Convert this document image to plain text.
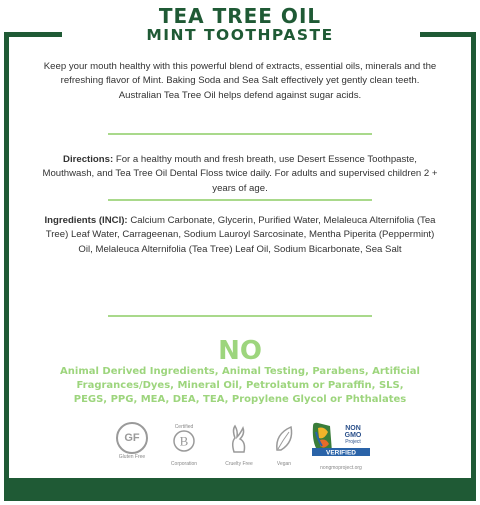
TEA TREE OIL
MINT TOOTHPASTE
Keep your mouth healthy with this powerful blend of extracts, essential oils, minerals and the refreshing flavor of Mint. Baking Soda and Sea Salt effectively yet gently clean teeth. Australian Tea Tree Oil helps defend against sugar acids.
Directions: For a healthy mouth and fresh breath, use Desert Essence Toothpaste, Mouthwash, and Tea Tree Oil Dental Floss twice daily. For adults and supervised children 2 + years of age.
Ingredients (INCI): Calcium Carbonate, Glycerin, Purified Water, Melaleuca Alternifolia (Tea Tree) Leaf Water, Carrageenan, Sodium Lauroyl Sarcosinate, Mentha Piperita (Peppermint) Oil, Melaleuca Alternifolia (Tea Tree) Leaf Oil, Sodium Bicarbonate, Sea Salt
NO
Animal Derived Ingredients, Animal Testing, Parabens, Artificial Fragrances/Dyes, Mineral Oil, Petrolatum or Paraffin, SLS, PEGS, PPG, MEA, DEA, TEA, Propylene Glycol or Phthalates
GF
Gluten Free
Certified
B
Corporation	Cruelty Free	Vegan
NON
GMO
Project
VERIFIED
nongmoproject.org
